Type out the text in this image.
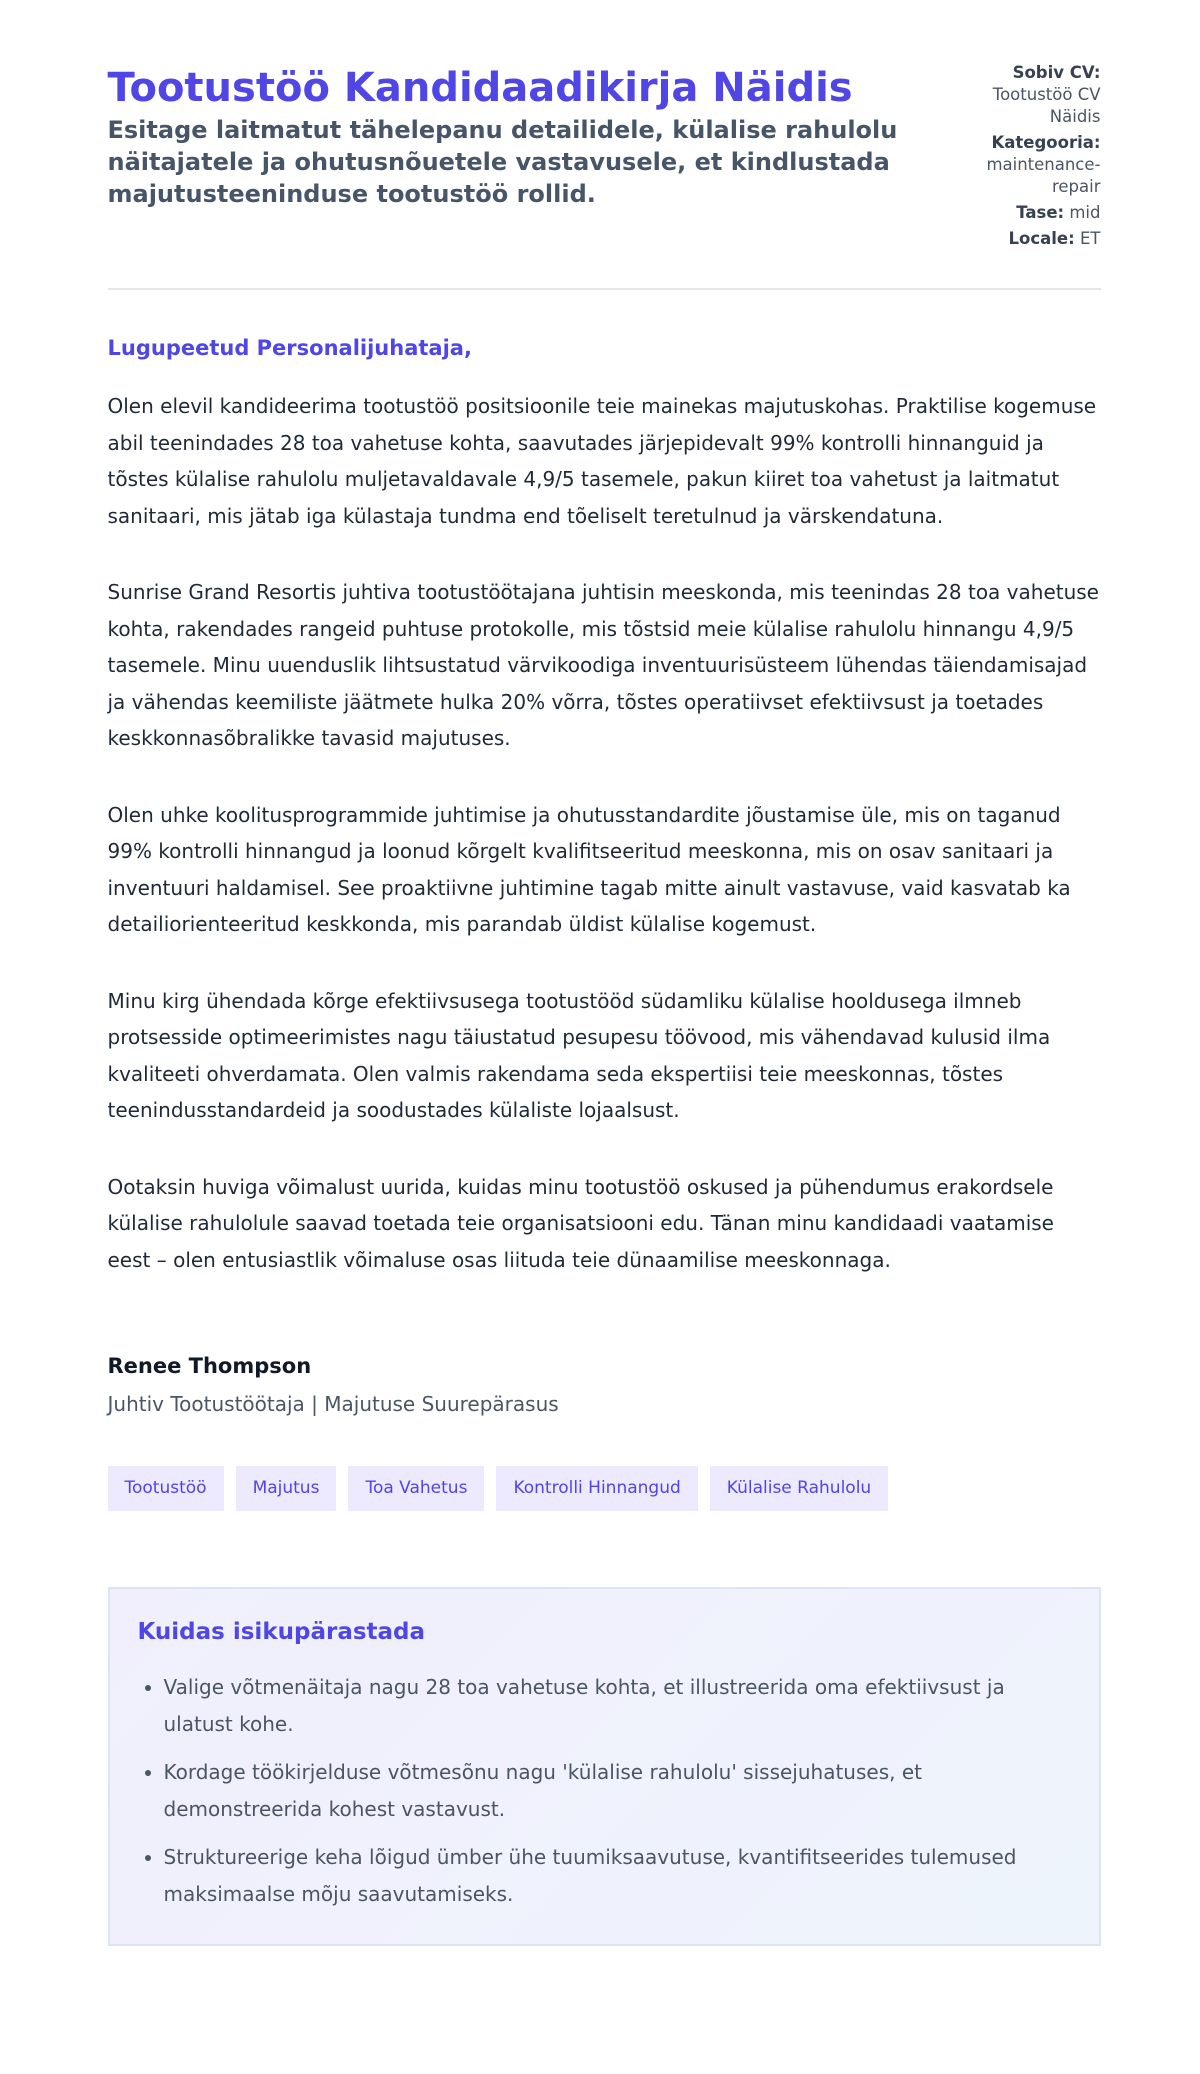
Tootustöö Kandidaadikirja Näidis

Esitage laitmatut tähelepanu detailidele, külalise rahulolu näitajatele ja ohutusnõuetele vastavusele, et kindlustada majutusteeninduse tootustöö rollid.

Sobiv CV:
Tootustöö CV Näidis
Kategooria:
maintenance-repair
Tase: mid
Locale: ET
Lugupeetud Personalijuhataja,

Olen elevil kandideerima tootustöö positsioonile teie mainekas majutuskohas. Praktilise kogemuse abil teenindades 28 toa vahetuse kohta, saavutades järjepidevalt 99% kontrolli hinnanguid ja tõstes külalise rahulolu muljetavaldavale 4,9/5 tasemele, pakun kiiret toa vahetust ja laitmatut sanitaari, mis jätab iga külastaja tundma end tõeliselt teretulnud ja värskendatuna.

Sunrise Grand Resortis juhtiva tootustöötajana juhtisin meeskonda, mis teenindas 28 toa vahetuse kohta, rakendades rangeid puhtuse protokolle, mis tõstsid meie külalise rahulolu hinnangu 4,9/5 tasemele. Minu uuenduslik lihtsustatud värvikoodiga inventuurisüsteem lühendas täiendamisajad ja vähendas keemiliste jäätmete hulka 20% võrra, tõstes operatiivset efektiivsust ja toetades keskkonnasõbralikke tavasid majutuses.

Olen uhke koolitusprogrammide juhtimise ja ohutusstandardite jõustamise üle, mis on taganud 99% kontrolli hinnangud ja loonud kõrgelt kvalifitseeritud meeskonna, mis on osav sanitaari ja inventuuri haldamisel. See proaktiivne juhtimine tagab mitte ainult vastavuse, vaid kasvatab ka detailiorienteeritud keskkonda, mis parandab üldist külalise kogemust.

Minu kirg ühendada kõrge efektiivsusega tootustööd südamliku külalise hooldusega ilmneb protsesside optimeerimistes nagu täiustatud pesupesu töövood, mis vähendavad kulusid ilma kvaliteeti ohverdamata. Olen valmis rakendama seda ekspertiisi teie meeskonnas, tõstes teenindusstandardeid ja soodustades külaliste lojaalsust.

Ootaksin huviga võimalust uurida, kuidas minu tootustöö oskused ja pühendumus erakordsele külalise rahulolule saavad toetada teie organisatsiooni edu. Tänan minu kandidaadi vaatamise eest – olen entusiastlik võimaluse osas liituda teie dünaamilise meeskonnaga.

Renee Thompson
Juhtiv Tootustöötaja | Majutuse Suurepärasus
Tootustöö	Majutus	Toa Vahetus	Kontrolli Hinnangud	Külalise Rahulolu
Kuidas isikupärastada
• Valige võtmenäitaja nagu 28 toa vahetuse kohta, et illustreerida oma efektiivsust ja ulatust kohe.
• Kordage töökirjelduse võtmesõnu nagu 'külalise rahulolu' sissejuhatuses, et demonstreerida kohest vastavust.
• Struktureerige keha lõigud ümber ühe tuumiksaavutuse, kvantifitseerides tulemused maksimaalse mõju saavutamiseks.
